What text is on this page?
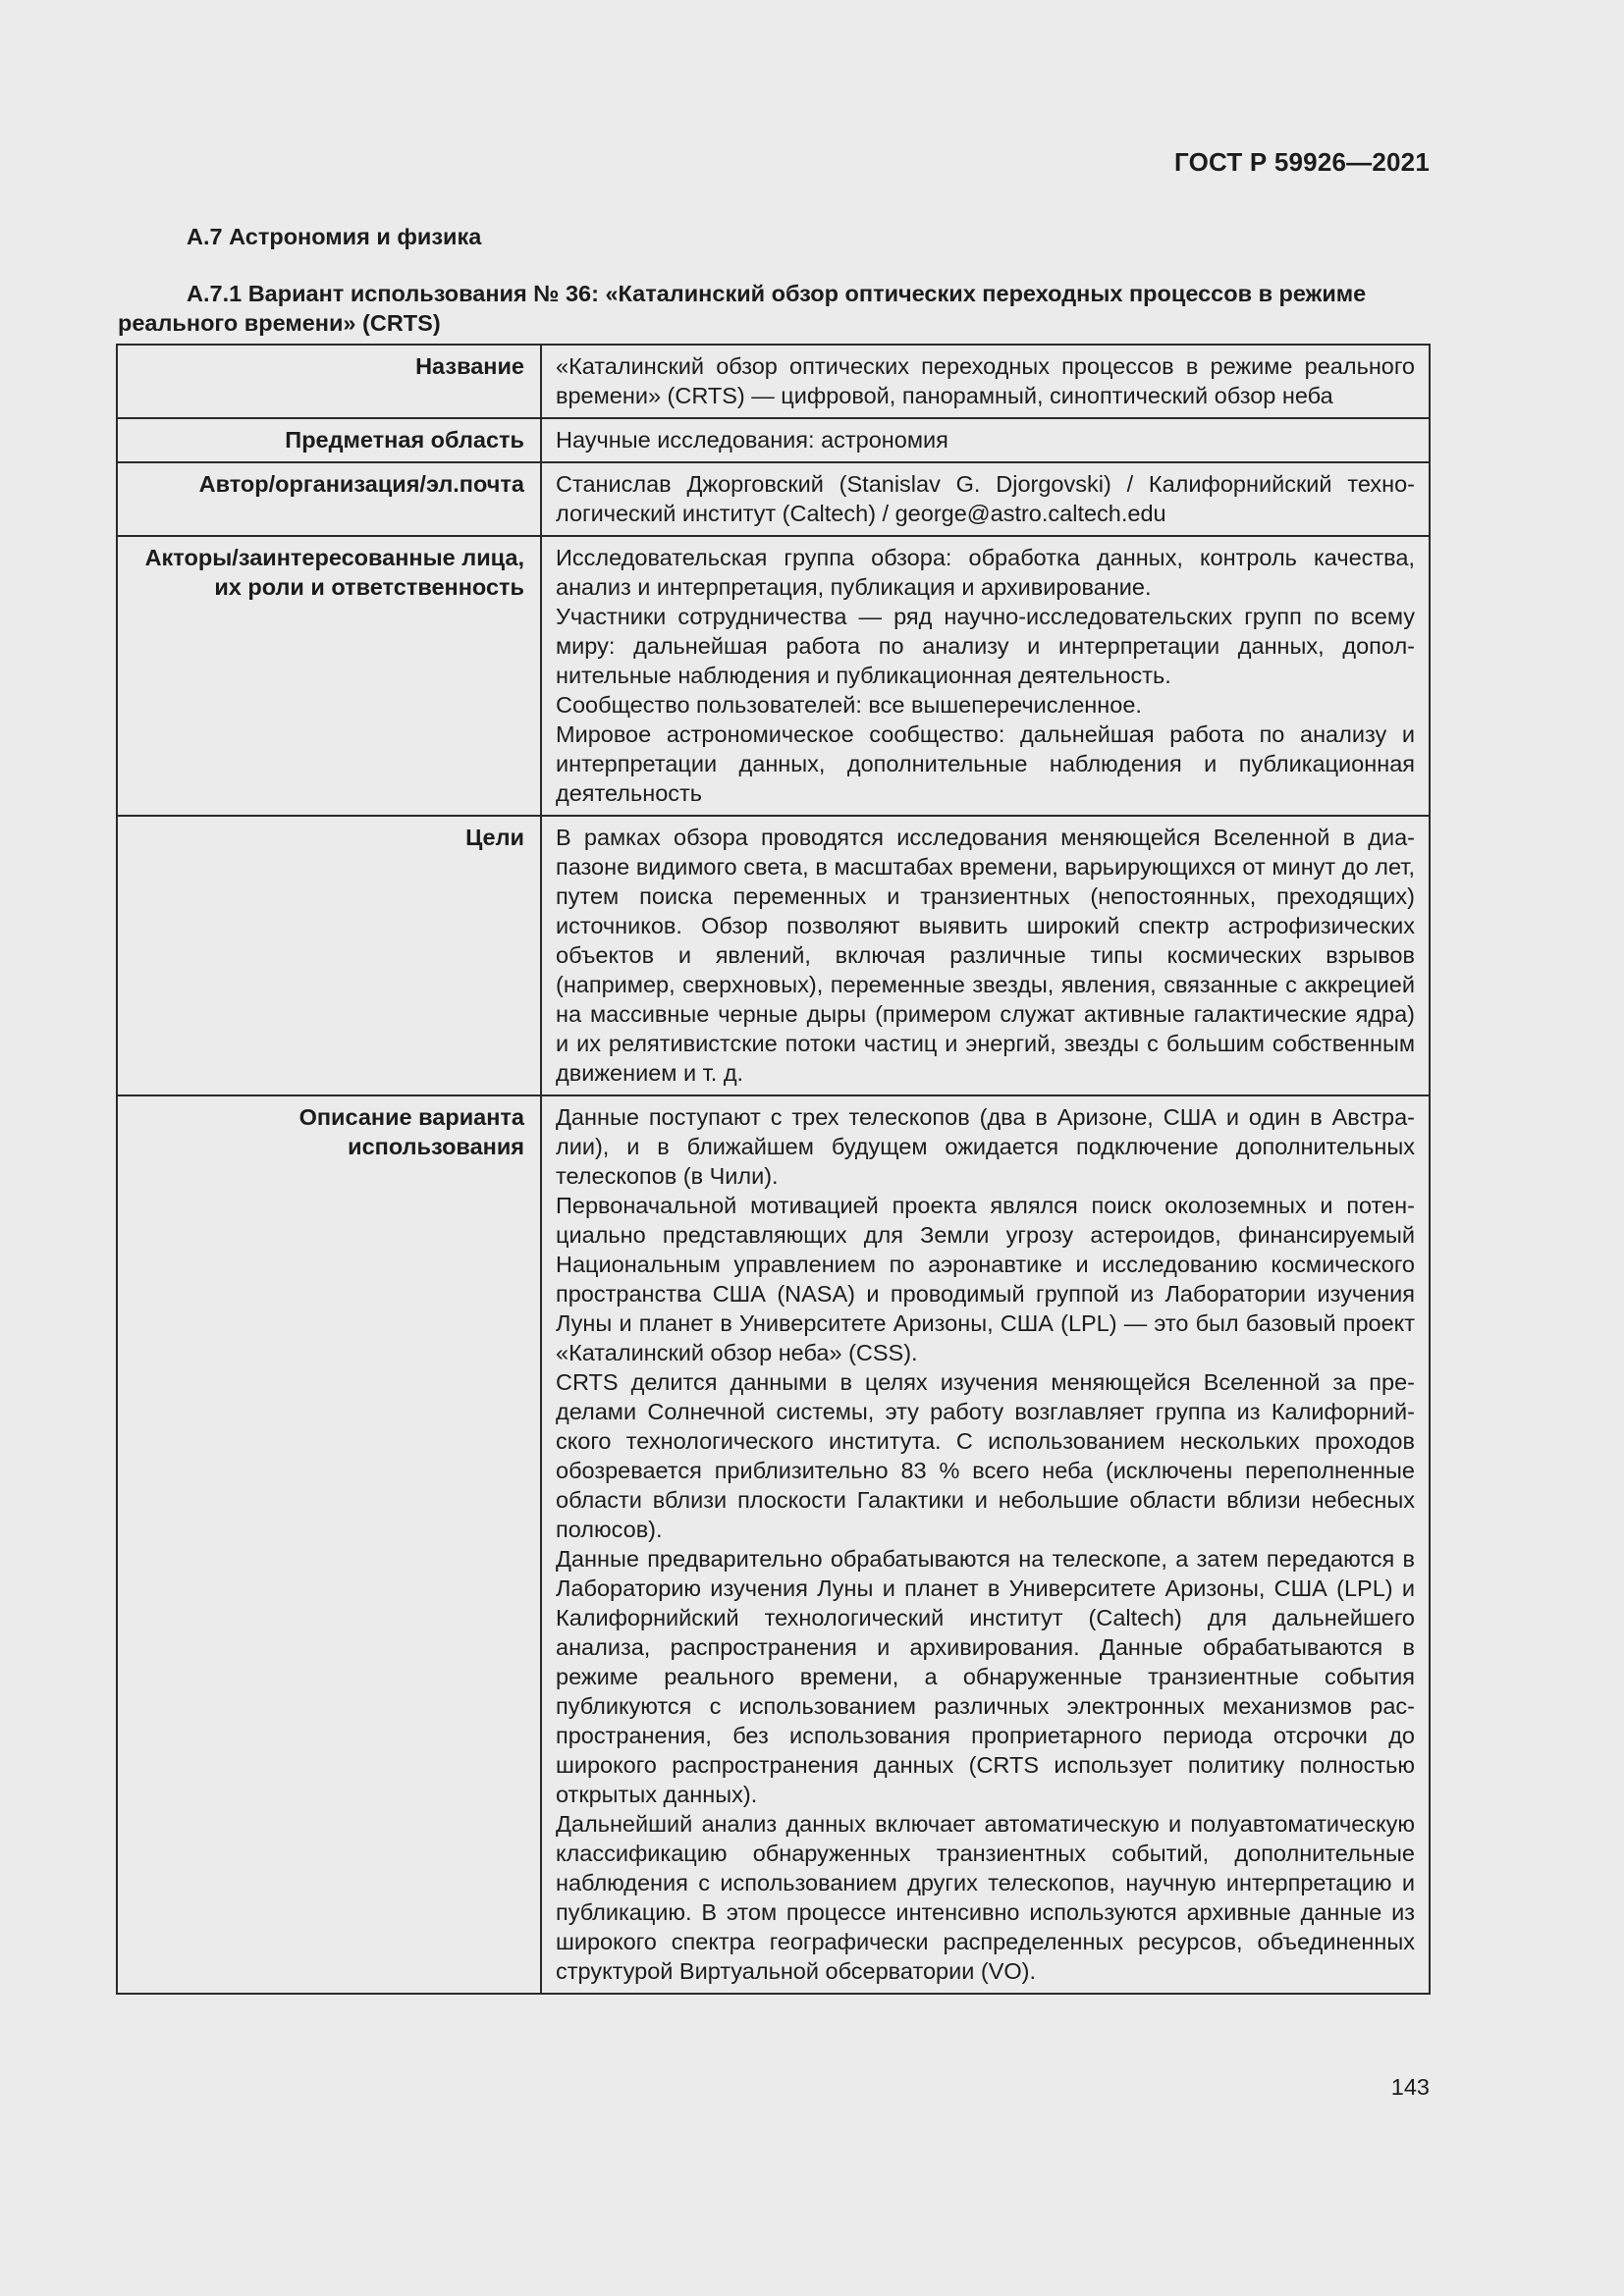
ГОСТ Р 59926—2021
А.7 Астрономия и физика
А.7.1 Вариант использования № 36: «Каталинский обзор оптических переходных процессов в режиме реального времени» (CRTS)
Название	«Каталинский обзор оптических переходных процессов в режиме реального времени» (CRTS) — цифровой, панорамный, синоптический обзор неба

Предметная область	Научные исследования: астрономия

Автор/организация/эл.почта	Станислав Джорговский (Stanislav G. Djorgovski) / Калифорнийский технологический институт (Caltech) / george@astro.caltech.edu

Акторы/заинтересованные лица, их роли и ответственность	Исследовательская группа обзора: обработка данных, контроль качества, анализ и интерпретация, публикация и архивирование.

Участники сотрудничества — ряд научно-исследовательских групп по всему миру: дальнейшая работа по анализу и интерпретации данных, дополнительные наблюдения и публикационная деятельность.

Сообщество пользователей: все вышеперечисленное.

Мировое астрономическое сообщество: дальнейшая работа по анализу и интерпретации данных, дополнительные наблюдения и публикационная деятельность

Цели	В рамках обзора проводятся исследования меняющейся Вселенной в диапазоне видимого света, в масштабах времени, варьирующихся от минут до лет, путем поиска переменных и транзиентных (непостоянных, преходящих) источников. Обзор позволяют выявить широкий спектр астрофизических объектов и явлений, включая различные типы космических взрывов (например, сверхновых), переменные звезды, явления, связанные с аккрецией на массивные черные дыры (примером служат активные галактические ядра) и их релятивистские потоки частиц и энергий, звезды с большим собственным движением и т. д.

Описание варианта использования	Данные поступают с трех телескопов (два в Аризоне, США и один в Австралии), и в ближайшем будущем ожидается подключение дополнительных телескопов (в Чили).

Первоначальной мотивацией проекта являлся поиск околоземных и потенциально представляющих для Земли угрозу астероидов, финансируемый Национальным управлением по аэронавтике и исследованию космического пространства США (NASA) и проводимый группой из Лаборатории изучения Луны и планет в Университете Аризоны, США (LPL) — это был базовый проект «Каталинский обзор неба» (CSS).

CRTS делится данными в целях изучения меняющейся Вселенной за пределами Солнечной системы, эту работу возглавляет группа из Калифорнийского технологического института. С использованием нескольких проходов обозревается приблизительно 83 % всего неба (исключены переполненные области вблизи плоскости Галактики и небольшие области вблизи небесных полюсов).

Данные предварительно обрабатываются на телескопе, а затем передаются в Лабораторию изучения Луны и планет в Университете Аризоны, США (LPL) и Калифорнийский технологический институт (Caltech) для дальнейшего анализа, распространения и архивирования. Данные обрабатываются в режиме реального времени, а обнаруженные транзиентные события публикуются с использованием различных электронных механизмов распространения, без использования проприетарного периода отсрочки до широкого распространения данных (CRTS использует политику полностью открытых данных).

Дальнейший анализ данных включает автоматическую и полуавтоматическую классификацию обнаруженных транзиентных событий, дополнительные наблюдения с использованием других телескопов, научную интерпретацию и публикацию. В этом процессе интенсивно используются архивные данные из широкого спектра географически распределенных ресурсов, объединенных структурой Виртуальной обсерватории (VO).

143
